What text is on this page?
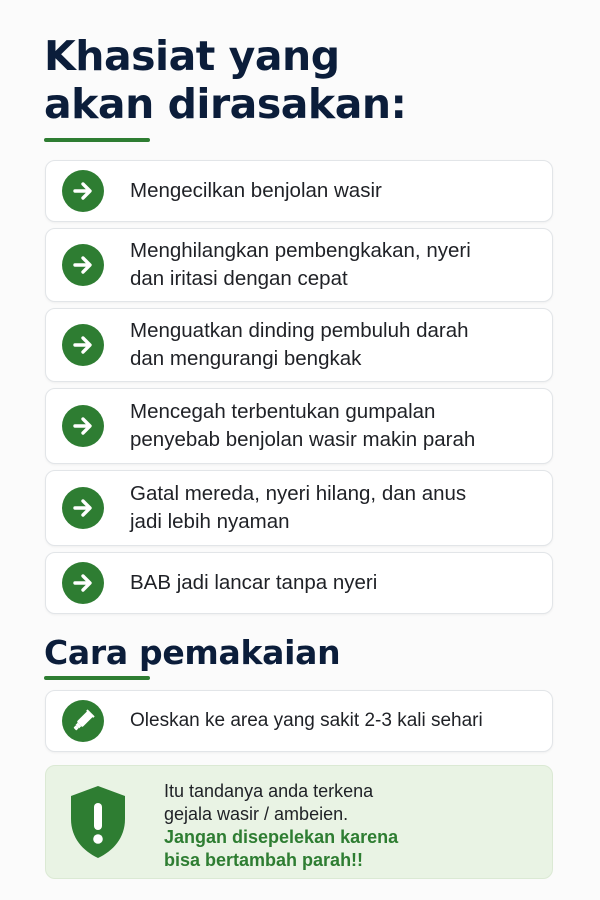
Khasiat yang
akan dirasakan:
Mengecilkan benjolan wasir
Menghilangkan pembengkakan, nyeri
dan iritasi dengan cepat
Menguatkan dinding pembuluh darah
dan mengurangi bengkak
Mencegah terbentukan gumpalan
penyebab benjolan wasir makin parah
Gatal mereda, nyeri hilang, dan anus
jadi lebih nyaman
BAB jadi lancar tanpa nyeri
Cara pemakaian
Oleskan ke area yang sakit 2-3 kali sehari
Itu tandanya anda terkena
gejala wasir / ambeien.
Jangan disepelekan karena
bisa bertambah parah!!
